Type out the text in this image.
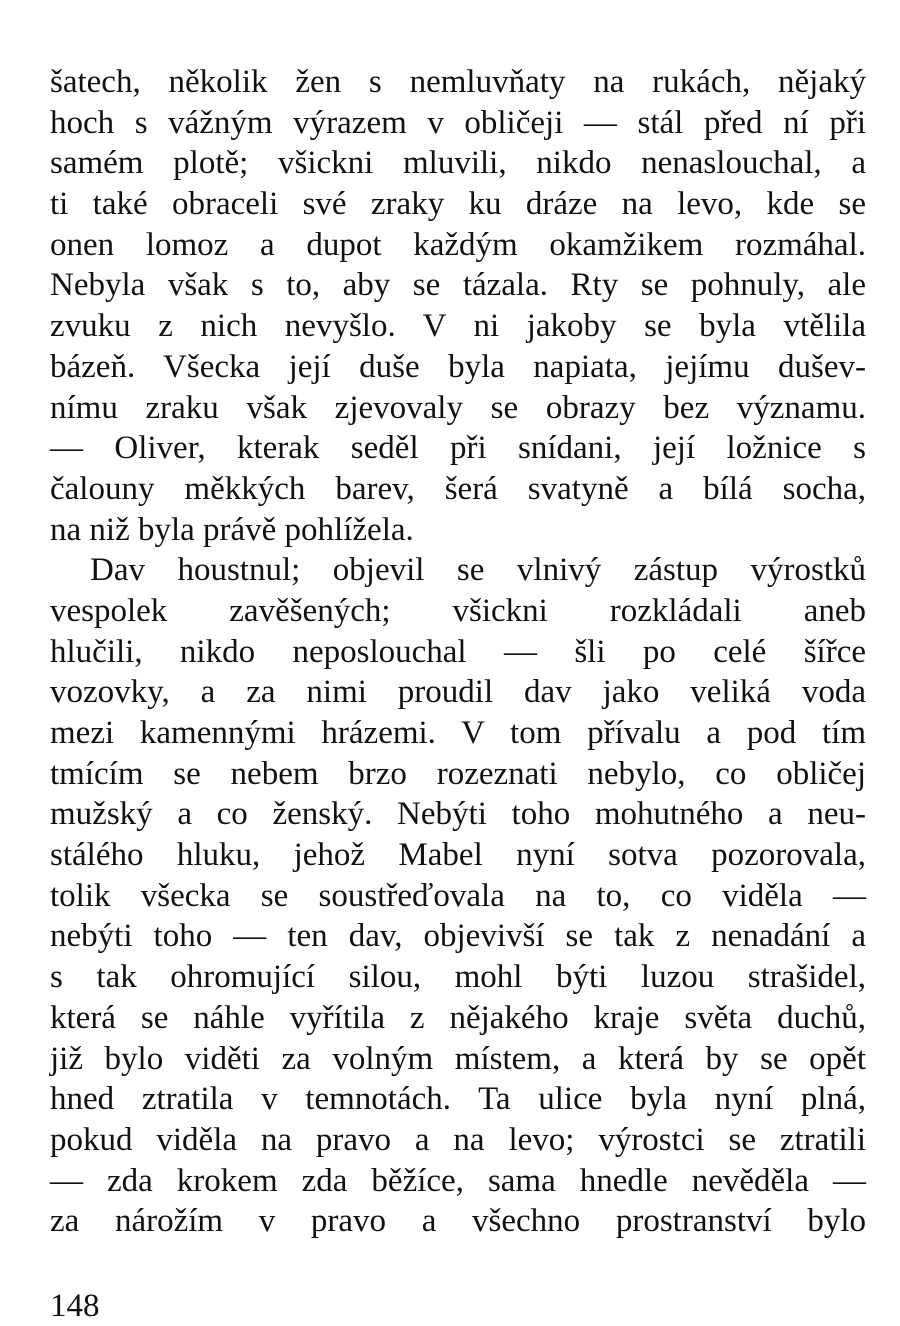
šatech, několik žen s nemluvňaty na rukách, nějaký
hoch s vážným výrazem v obličeji — stál před ní při
samém plotě; všickni mluvili, nikdo nenaslouchal, a
ti také obraceli své zraky ku dráze na levo, kde se
onen lomoz a dupot každým okamžikem rozmáhal.
Nebyla však s to, aby se tázala. Rty se pohnuly, ale
zvuku z nich nevyšlo. V ni jakoby se byla vtělila
bázeň. Všecka její duše byla napiata, jejímu dušev-
nímu zraku však zjevovaly se obrazy bez významu.
— Oliver, kterak seděl při snídani, její ložnice s
čalouny měkkých barev, šerá svatyně a bílá socha,
na niž byla právě pohlížela.
Dav houstnul; objevil se vlnivý zástup výrostků
vespolek zavěšených; všickni rozkládali aneb
hlučili, nikdo neposlouchal — šli po celé šířce
vozovky, a za nimi proudil dav jako veliká voda
mezi kamennými hrázemi. V tom přívalu a pod tím
tmícím se nebem brzo rozeznati nebylo, co obličej
mužský a co ženský. Nebýti toho mohutného a neu-
stálého hluku, jehož Mabel nyní sotva pozorovala,
tolik všecka se soustřeďovala na to, co viděla —
nebýti toho — ten dav, objevivší se tak z nenadání a
s tak ohromující silou, mohl býti luzou strašidel,
která se náhle vyřítila z nějakého kraje světa duchů,
již bylo viděti za volným místem, a která by se opět
hned ztratila v temnotách. Ta ulice byla nyní plná,
pokud viděla na pravo a na levo; výrostci se ztratili
— zda krokem zda běžíce, sama hnedle nevěděla —
za nárožím v pravo a všechno prostranství bylo
148
